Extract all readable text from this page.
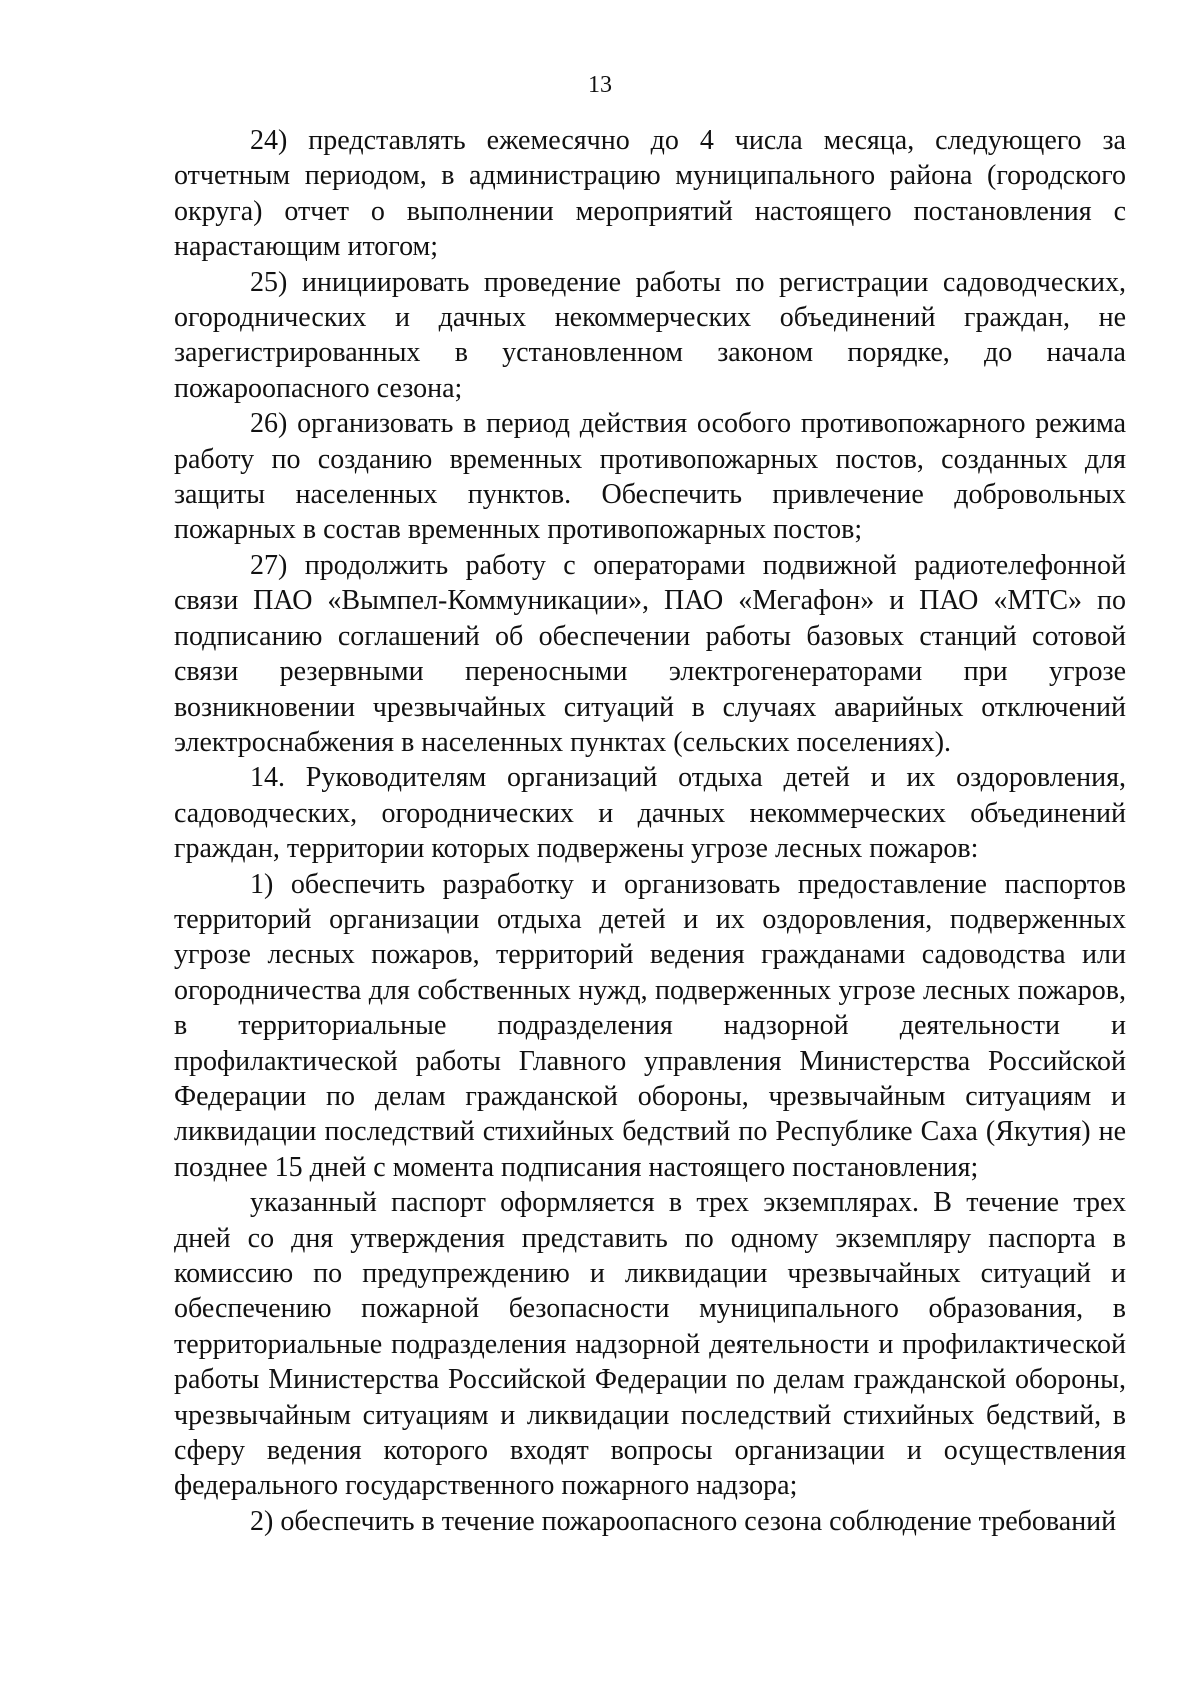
13

24) представлять ежемесячно до 4 числа месяца, следующего за отчетным периодом, в администрацию муниципального района (городского округа) отчет о выполнении мероприятий настоящего постановления с нарастающим итогом;

25) инициировать проведение работы по регистрации садоводческих, огороднических и дачных некоммерческих объединений граждан, не зарегистрированных в установленном законом порядке, до начала пожароопасного сезона;

26) организовать в период действия особого противопожарного режима работу по созданию временных противопожарных постов, созданных для защиты населенных пунктов. Обеспечить привлечение добровольных пожарных в состав временных противопожарных постов;

27) продолжить работу с операторами подвижной радиотелефонной связи ПАО «Вымпел-Коммуникации», ПАО «Мегафон» и ПАО «МТС» по подписанию соглашений об обеспечении работы базовых станций сотовой связи резервными переносными электрогенераторами при угрозе возникновении чрезвычайных ситуаций в случаях аварийных отключений электроснабжения в населенных пунктах (сельских поселениях).

14. Руководителям организаций отдыха детей и их оздоровления, садоводческих, огороднических и дачных некоммерческих объединений граждан, территории которых подвержены угрозе лесных пожаров:

1) обеспечить разработку и организовать предоставление паспортов территорий организации отдыха детей и их оздоровления, подверженных угрозе лесных пожаров, территорий ведения гражданами садоводства или огородничества для собственных нужд, подверженных угрозе лесных пожаров, в территориальные подразделения надзорной деятельности и профилактической работы Главного управления Министерства Российской Федерации по делам гражданской обороны, чрезвычайным ситуациям и ликвидации последствий стихийных бедствий по Республике Саха (Якутия) не позднее 15 дней с момента подписания настоящего постановления;

указанный паспорт оформляется в трех экземплярах. В течение трех дней со дня утверждения представить по одному экземпляру паспорта в комиссию по предупреждению и ликвидации чрезвычайных ситуаций и обеспечению пожарной безопасности муниципального образования, в территориальные подразделения надзорной деятельности и профилактической работы Министерства Российской Федерации по делам гражданской обороны, чрезвычайным ситуациям и ликвидации последствий стихийных бедствий, в сферу ведения которого входят вопросы организации и осуществления федерального государственного пожарного надзора;

2) обеспечить в течение пожароопасного сезона соблюдение требований
